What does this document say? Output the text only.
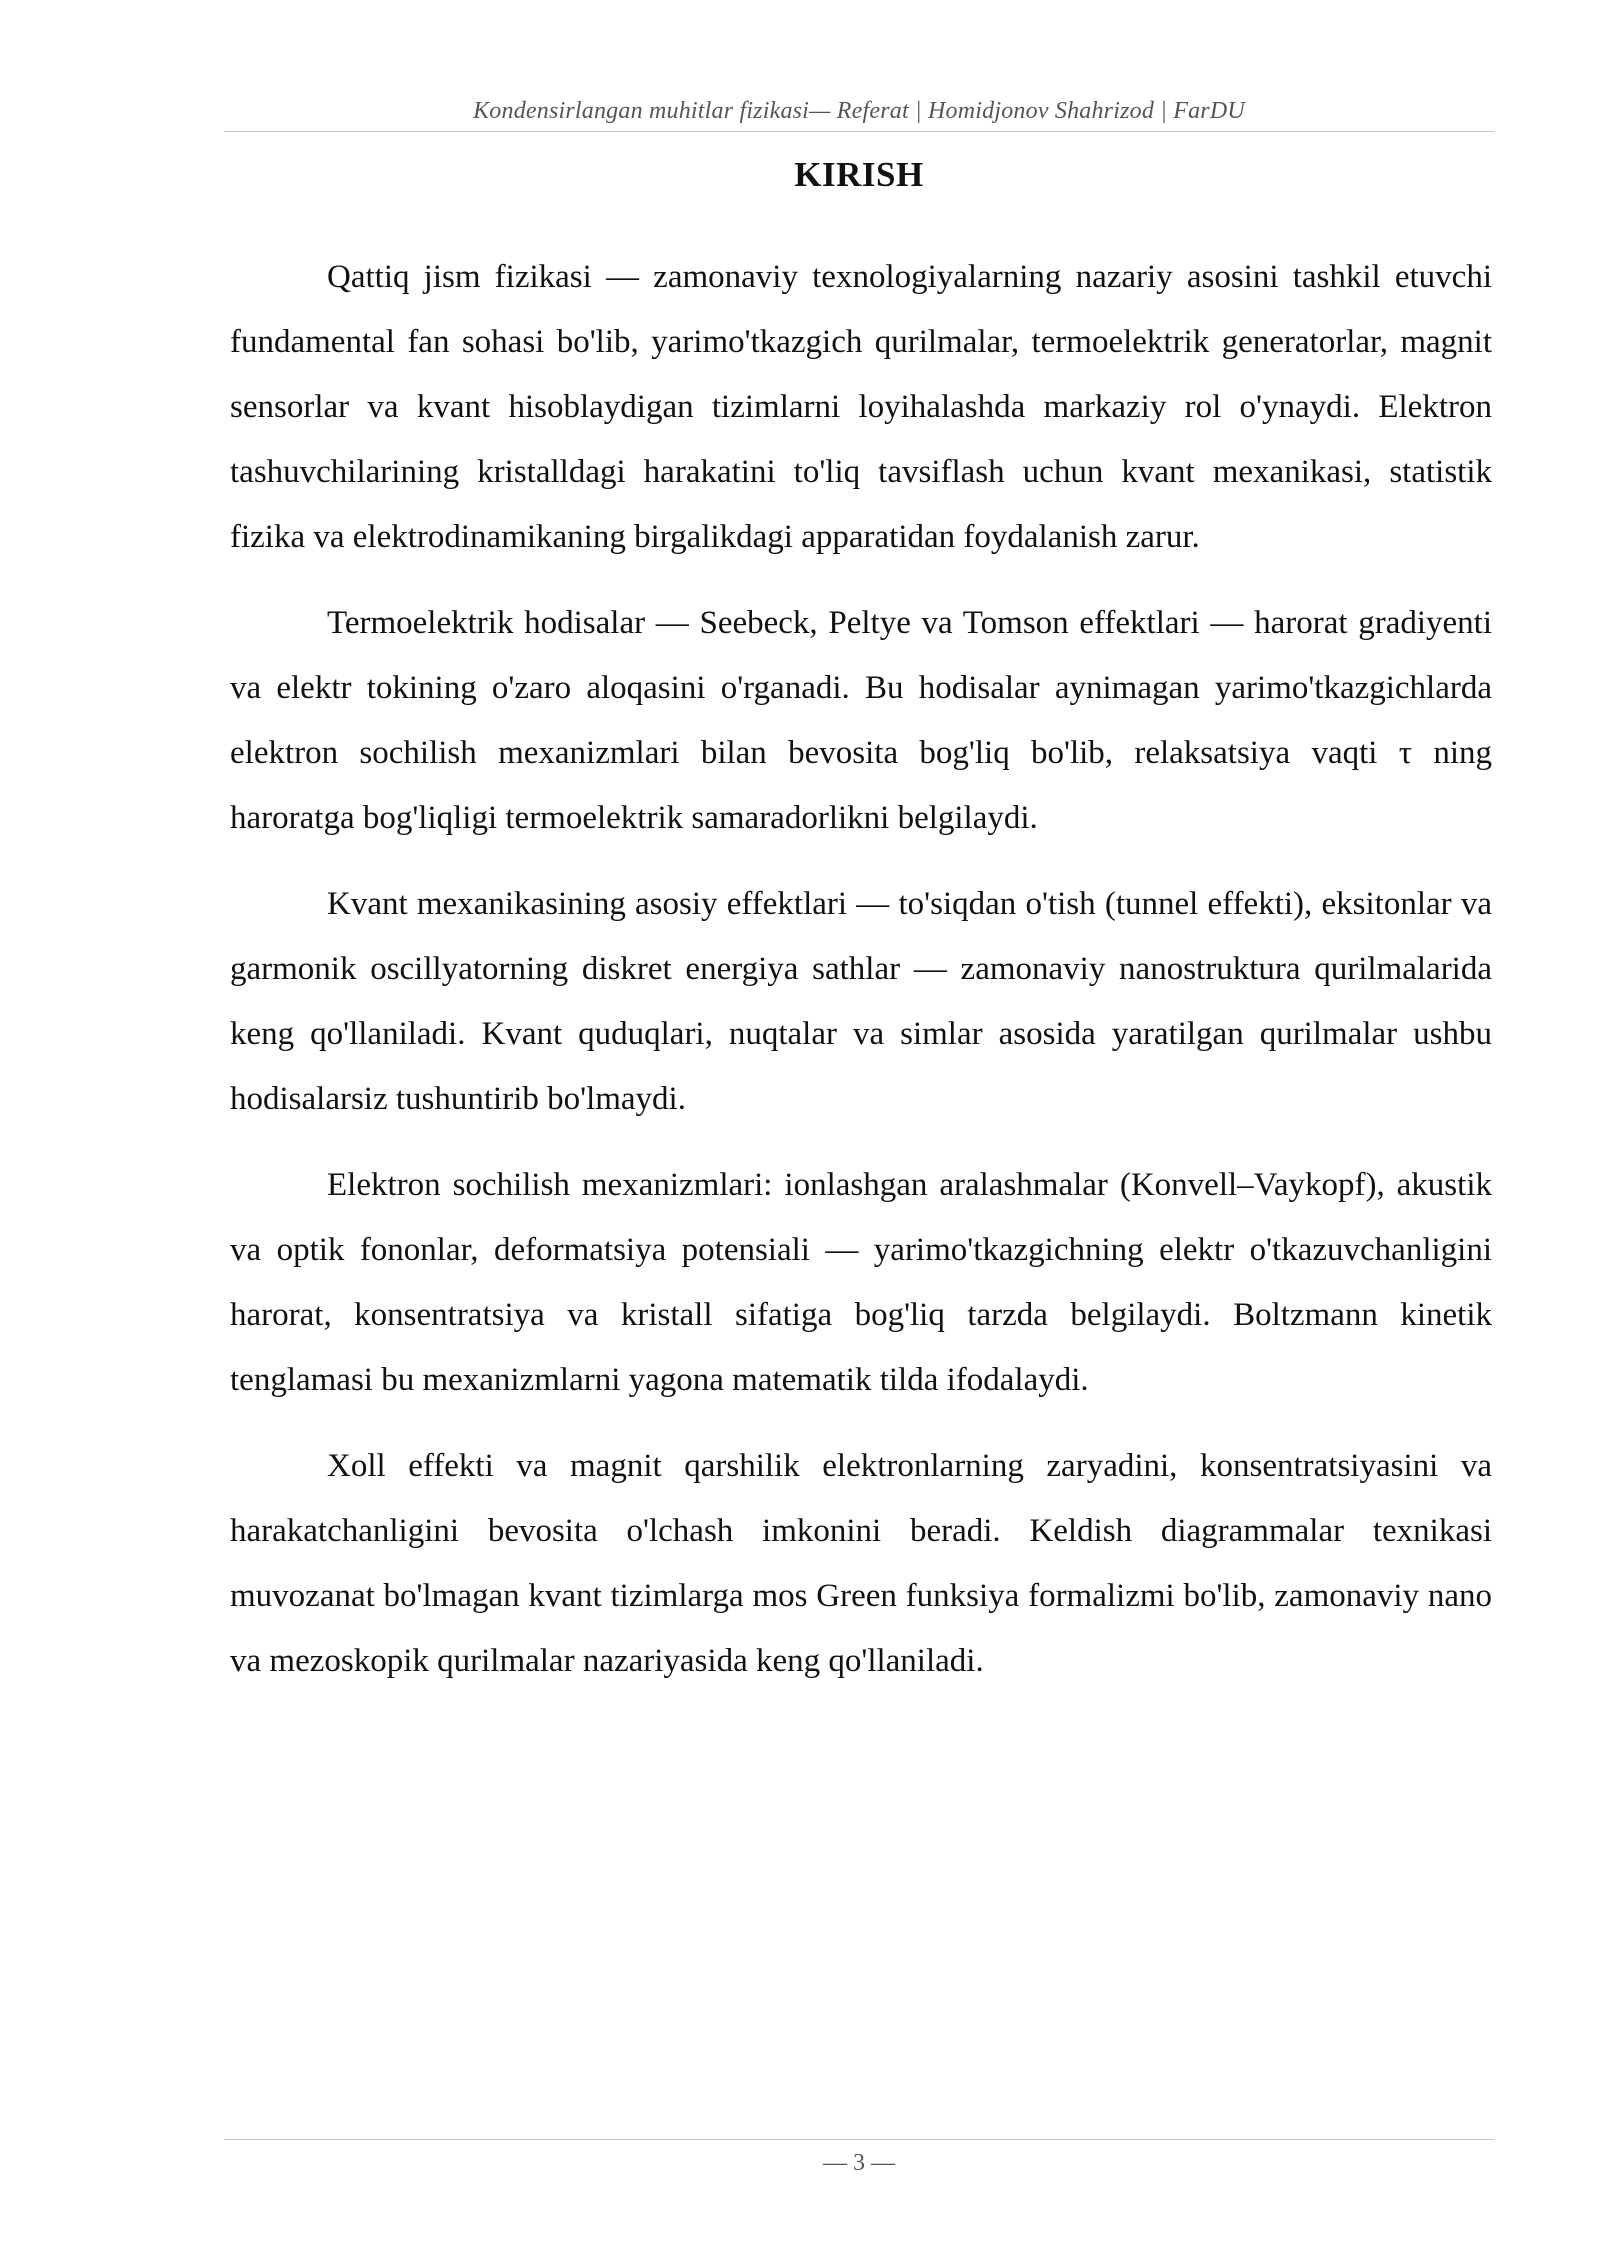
Kondensirlangan muhitlar fizikasi— Referat | Homidjonov Shahrizod | FarDU
KIRISH

Qattiq jism fizikasi — zamonaviy texnologiyalarning nazariy asosini tashkil etuvchi fundamental fan sohasi bo'lib, yarimo'tkazgich qurilmalar, termoelektrik generatorlar, magnit sensorlar va kvant hisoblaydigan tizimlarni loyihalashda markaziy rol o'ynaydi. Elektron tashuvchilarining kristalldagi harakatini to'liq tavsiflash uchun kvant mexanikasi, statistik fizika va elektrodinamikaning birgalikdagi apparatidan foydalanish zarur.

Termoelektrik hodisalar — Seebeck, Peltye va Tomson effektlari — harorat gradiyenti va elektr tokining o'zaro aloqasini o'rganadi. Bu hodisalar aynimagan yarimo'tkazgichlarda elektron sochilish mexanizmlari bilan bevosita bog'liq bo'lib, relaksatsiya vaqti τ ning haroratga bog'liqligi termoelektrik samaradorlikni belgilaydi.

Kvant mexanikasining asosiy effektlari — to'siqdan o'tish (tunnel effekti), eksitonlar va garmonik oscillyatorning diskret energiya sathlar — zamonaviy nanostruktura qurilmalarida keng qo'llaniladi. Kvant quduqlari, nuqtalar va simlar asosida yaratilgan qurilmalar ushbu hodisalarsiz tushuntirib bo'lmaydi.

Elektron sochilish mexanizmlari: ionlashgan aralashmalar (Konvell–Vaykopf), akustik va optik fononlar, deformatsiya potensiali — yarimo'tkazgichning elektr o'tkazuvchanligini harorat, konsentratsiya va kristall sifatiga bog'liq tarzda belgilaydi. Boltzmann kinetik tenglamasi bu mexanizmlarni yagona matematik tilda ifodalaydi.

Xoll effekti va magnit qarshilik elektronlarning zaryadini, konsentratsiyasini va harakatchanligini bevosita o'lchash imkonini beradi. Keldish diagrammalar texnikasi muvozanat bo'lmagan kvant tizimlarga mos Green funksiya formalizmi bo'lib, zamonaviy nano va mezoskopik qurilmalar nazariyasida keng qo'llaniladi.

— 3 —
